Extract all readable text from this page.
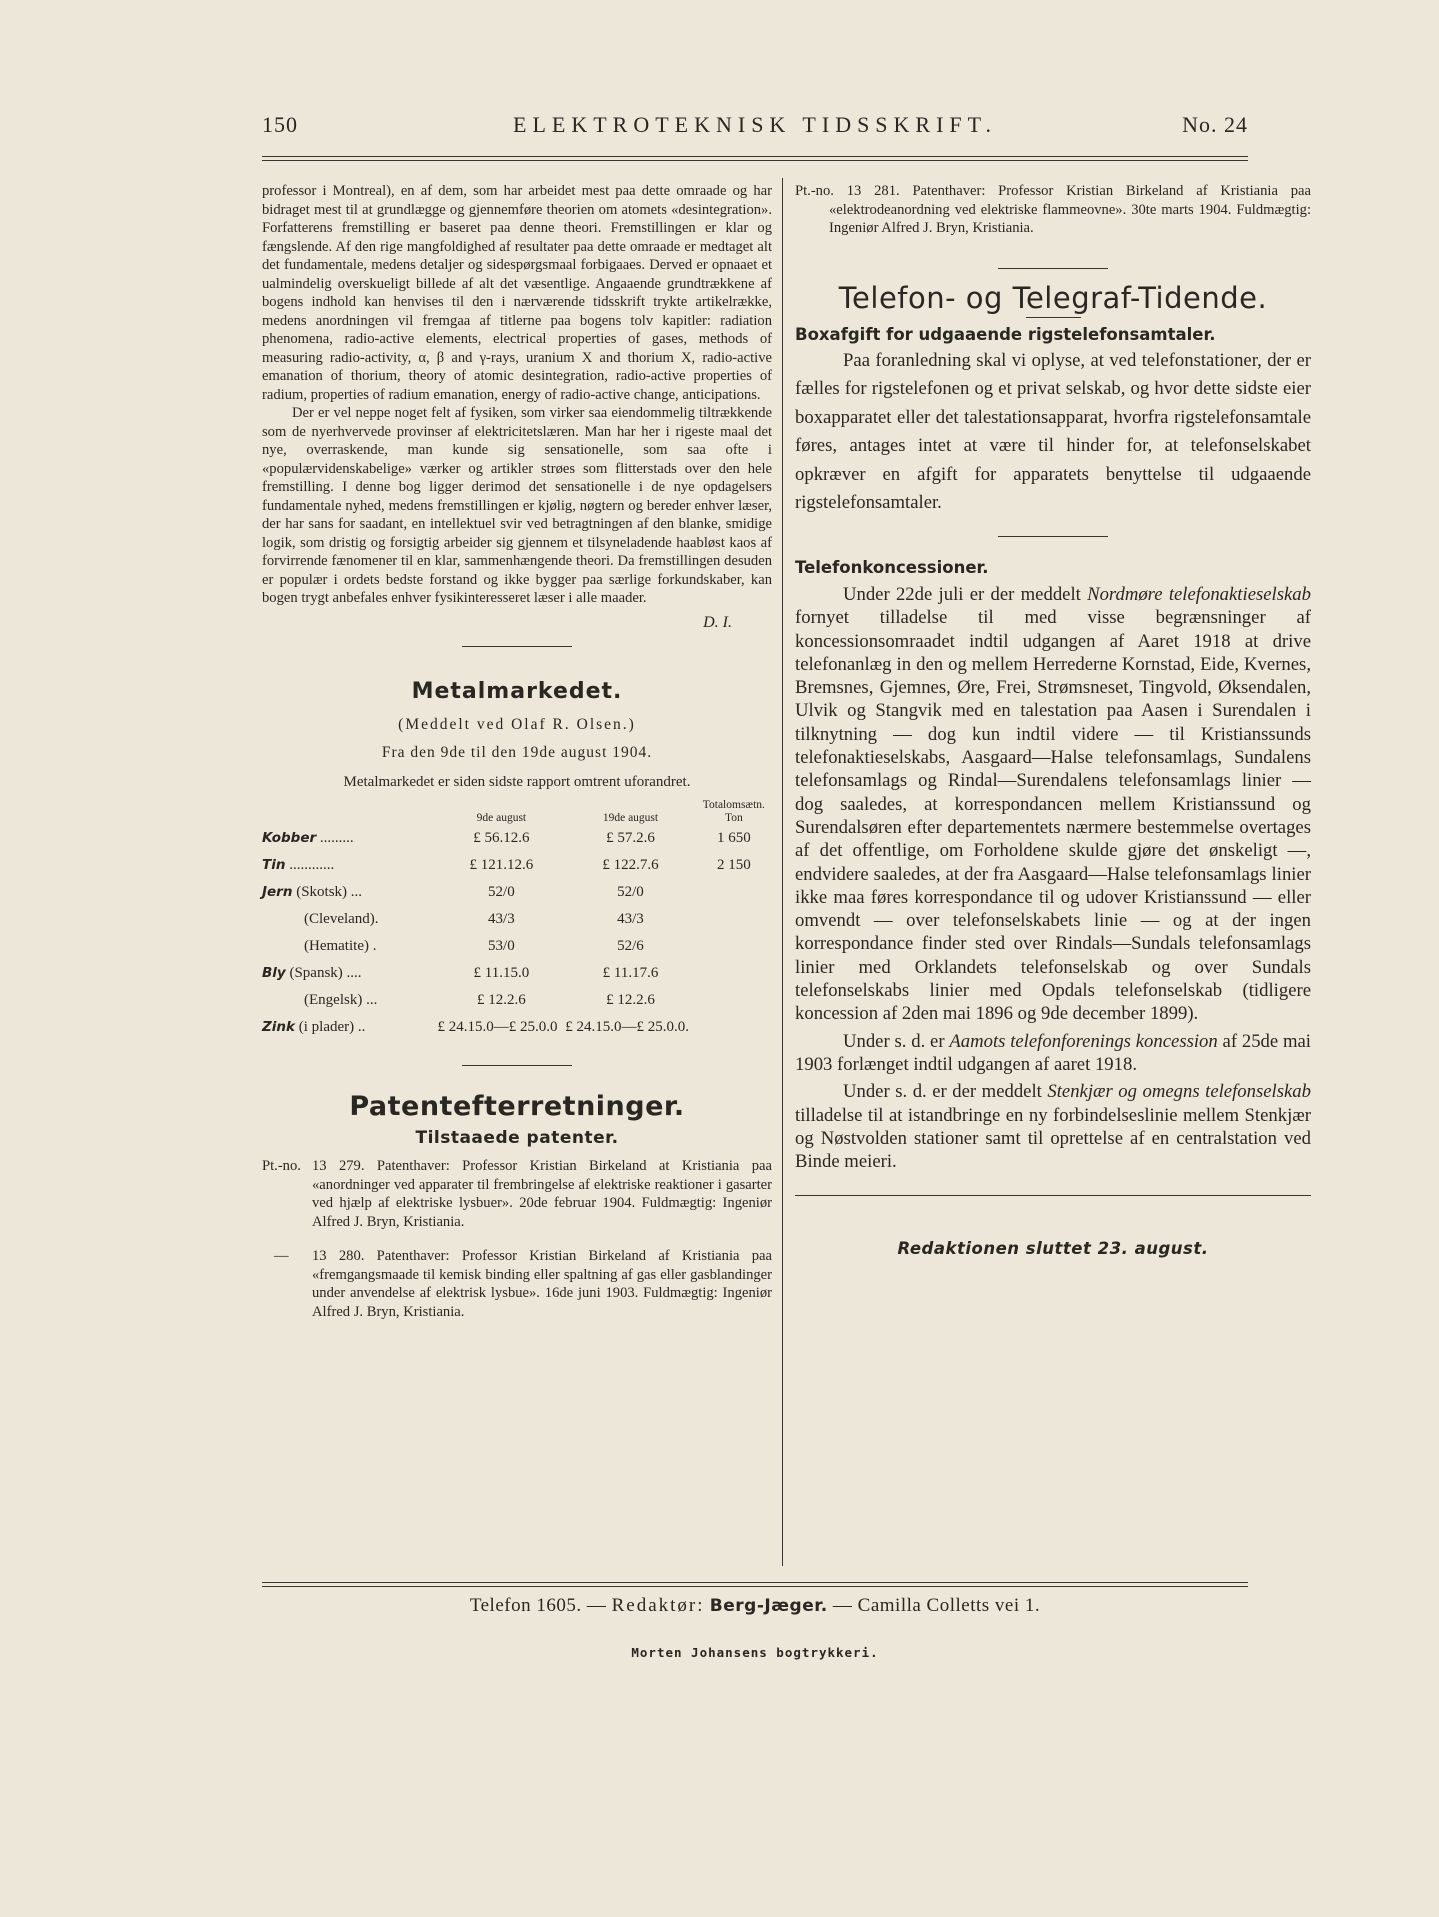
150	ELEKTROTEKNISK TIDSSKRIFT.	No. 24

professor i Montreal), en af dem, som har arbeidet mest paa dette omraade og har bidraget mest til at grundlægge og gjennemføre theorien om atomets «desintegration». Forfatterens fremstilling er baseret paa denne theori. Fremstillingen er klar og fængslende. Af den rige mangfoldighed af resultater paa dette omraade er medtaget alt det fundamentale, medens detaljer og sidespørgsmaal forbigaaes. Derved er opnaaet et ualmindelig overskueligt billede af alt det væsentlige. Angaaende grundtrækkene af bogens indhold kan henvises til den i nærværende tidsskrift trykte artikelrække, medens anordningen vil fremgaa af titlerne paa bogens tolv kapitler: radiation phenomena, radio-active elements, electrical properties of gases, methods of measuring radio-activity, α, β and γ-rays, uranium X and thorium X, radio-active emanation of thorium, theory of atomic desintegration, radio-active properties of radium, properties of radium emanation, energy of radio-active change, anticipations.

Der er vel neppe noget felt af fysiken, som virker saa eiendommelig tiltrækkende som de nyerhvervede provinser af elektricitetslæren. Man har her i rigeste maal det nye, overraskende, man kunde sig sensationelle, som saa ofte i «populærvidenskabelige» værker og artikler strøes som flitterstads over den hele fremstilling. I denne bog ligger derimod det sensationelle i de nye opdagelsers fundamentale nyhed, medens fremstillingen er kjølig, nøgtern og bereder enhver læser, der har sans for saadant, en intellektuel svir ved betragtningen af den blanke, smidige logik, som dristig og forsigtig arbeider sig gjennem et tilsyneladende haabløst kaos af forvirrende fænomener til en klar, sammenhængende theori. Da fremstillingen desuden er populær i ordets bedste forstand og ikke bygger paa særlige forkundskaber, kan bogen trygt anbefales enhver fysikinteresseret læser i alle maader.

D. I.

Metalmarkedet.

(Meddelt ved Olaf R. Olsen.)

Fra den 9de til den 19de august 1904.

Metalmarkedet er siden sidste rapport omtrent uforandret.

	9de august	19de august	Totalomsætn.
Ton

Kobber .........	£ 56.12.6	£ 57.2.6	1 650
Tin ............	£ 121.12.6	£ 122.7.6	2 150
Jern (Skotsk) ...	52/0	52/0	
(Cleveland).	43/3	43/3	
(Hematite) .	53/0	52/6	
Bly (Spansk) ....	£ 11.15.0	£ 11.17.6	
(Engelsk) ...	£ 12.2.6	£ 12.2.6	
Zink (i plader) ..	£ 24.15.0—£ 25.0.0	£ 24.15.0—£ 25.0.0.	
Patentefterretninger.
Tilstaaede patenter.
Pt.-no. 13 279. Patenthaver: Professor Kristian Birkeland at Kristiania paa «anordninger ved apparater til frembringelse af elektriske reaktioner i gasarter ved hjælp af elektriske lysbuer». 20de februar 1904. Fuldmægtig: Ingeniør Alfred J. Bryn, Kristiania.
— 13 280. Patenthaver: Professor Kristian Birkeland af Kristiania paa «fremgangsmaade til kemisk binding eller spaltning af gas eller gasblandinger under anvendelse af elektrisk lysbue». 16de juni 1903. Fuldmægtig: Ingeniør Alfred J. Bryn, Kristiania.

Pt.-no. 13 281. Patenthaver: Professor Kristian Birkeland af Kristiania paa «elektrodeanordning ved elektriske flammeovne». 30te marts 1904. Fuldmægtig: Ingeniør Alfred J. Bryn, Kristiania.

Telefon- og Telegraf-Tidende.
Boxafgift for udgaaende rigstelefonsamtaler.

Paa foranledning skal vi oplyse, at ved telefonstationer, der er fælles for rigstelefonen og et privat selskab, og hvor dette sidste eier boxapparatet eller det talestationsapparat, hvorfra rigstelefonsamtale føres, antages intet at være til hinder for, at telefonselskabet opkræver en afgift for apparatets benyttelse til udgaaende rigstelefonsamtaler.

Telefonkoncessioner.

Under 22de juli er der meddelt Nordmøre telefonaktieselskab fornyet tilladelse til med visse begrænsninger af koncessionsomraadet indtil udgangen af Aaret 1918 at drive telefonanlæg in den og mellem Herrederne Kornstad, Eide, Kvernes, Bremsnes, Gjemnes, Øre, Frei, Strømsneset, Tingvold, Øksendalen, Ulvik og Stangvik med en talestation paa Aasen i Surendalen i tilknytning — dog kun indtil videre — til Kristianssunds telefonaktieselskabs, Aasgaard—Halse telefonsamlags, Sundalens telefonsamlags og Rindal—Surendalens telefonsamlags linier — dog saaledes, at korrespondancen mellem Kristianssund og Surendalsøren efter departementets nærmere bestemmelse overtages af det offentlige, om Forholdene skulde gjøre det ønskeligt —, endvidere saaledes, at der fra Aasgaard—Halse telefonsamlags linier ikke maa føres korrespondance til og udover Kristianssund — eller omvendt — over telefonselskabets linie — og at der ingen korrespondance finder sted over Rindals—Sundals telefonsamlags linier med Orklandets telefonselskab og over Sundals telefonselskabs linier med Opdals telefonselskab (tidligere koncession af 2den mai 1896 og 9de december 1899).

Under s. d. er Aamots telefonforenings koncession af 25de mai 1903 forlænget indtil udgangen af aaret 1918.

Under s. d. er der meddelt Stenkjær og omegns telefonselskab tilladelse til at istandbringe en ny forbindelseslinie mellem Stenkjær og Nøstvolden stationer samt til oprettelse af en centralstation ved Binde meieri.

Redaktionen sluttet 23. august.
Telefon 1605. — Redaktør: Berg-Jæger. — Camilla Colletts vei 1.
Morten Johansens bogtrykkeri.
